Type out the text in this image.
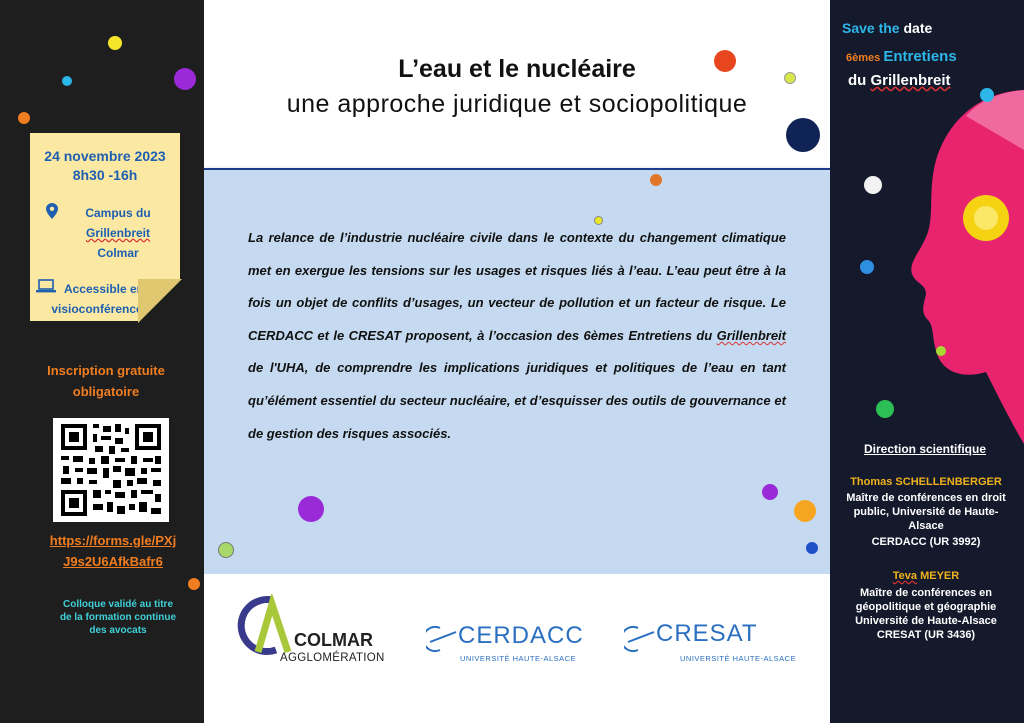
24 novembre 2023
8h30 -16h
Campus du
Grillenbreit
Colmar
Accessible en
visioconférence
Inscription gratuite
obligatoire
https://forms.gle/PXj
J9s2U6AfkBafr6
Colloque validé au titre
de la formation continue
des avocats
L’eau et le nucléaire
une approche juridique et sociopolitique
La relance de l’industrie nucléaire civile dans le contexte du changement climatique met en exergue les tensions sur les usages et risques liés à l’eau. L’eau peut être à la fois un objet de conflits d’usages, un vecteur de pollution et un facteur de risque. Le CERDACC et le CRESAT proposent, à l’occasion des 6èmes Entretiens du Grillenbreit de l'UHA, de comprendre les implications juridiques et politiques de l’eau en tant qu’élément essentiel du secteur nucléaire, et d’esquisser des outils de gouvernance et de gestion des risques associés.
COLMAR
AGGLOMÉRATION
CERDACC
UNIVERSITÉ HAUTE-ALSACE
CRESAT
UNIVERSITÉ HAUTE-ALSACE
Save the date
6èmes Entretiens
du Grillenbreit
Direction scientifique
Thomas SCHELLENBERGER
Maître de conférences en droit
public, Université de Haute-
Alsace
CERDACC (UR 3992)
Teva MEYER
Maître de conférences en
géopolitique et géographie
Université de Haute-Alsace
CRESAT (UR 3436)
